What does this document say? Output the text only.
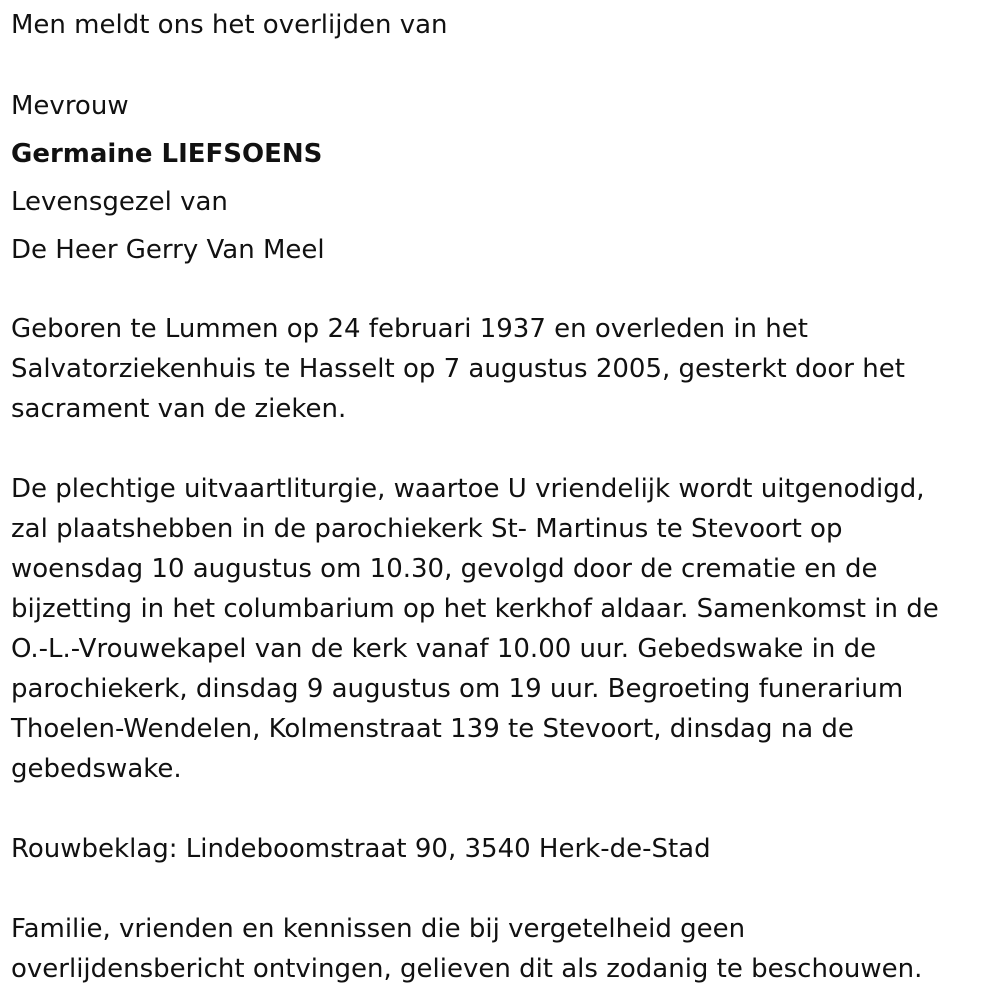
Men meldt ons het overlijden van

Mevrouw

Germaine LIEFSOENS

Levensgezel van

De Heer Gerry Van Meel

Geboren te Lummen op 24 februari 1937 en overleden in het

Salvatorziekenhuis te Hasselt op 7 augustus 2005, gesterkt door het

sacrament van de zieken.

De plechtige uitvaartliturgie, waartoe U vriendelijk wordt uitgenodigd,

zal plaatshebben in de parochiekerk St- Martinus te Stevoort op

woensdag 10 augustus om 10.30, gevolgd door de crematie en de

bijzetting in het columbarium op het kerkhof aldaar. Samenkomst in de

O.-L.-Vrouwekapel van de kerk vanaf 10.00 uur. Gebedswake in de

parochiekerk, dinsdag 9 augustus om 19 uur. Begroeting funerarium

Thoelen-Wendelen, Kolmenstraat 139 te Stevoort, dinsdag na de

gebedswake.

Rouwbeklag: Lindeboomstraat 90, 3540 Herk-de-Stad

Familie, vrienden en kennissen die bij vergetelheid geen

overlijdensbericht ontvingen, gelieven dit als zodanig te beschouwen.
